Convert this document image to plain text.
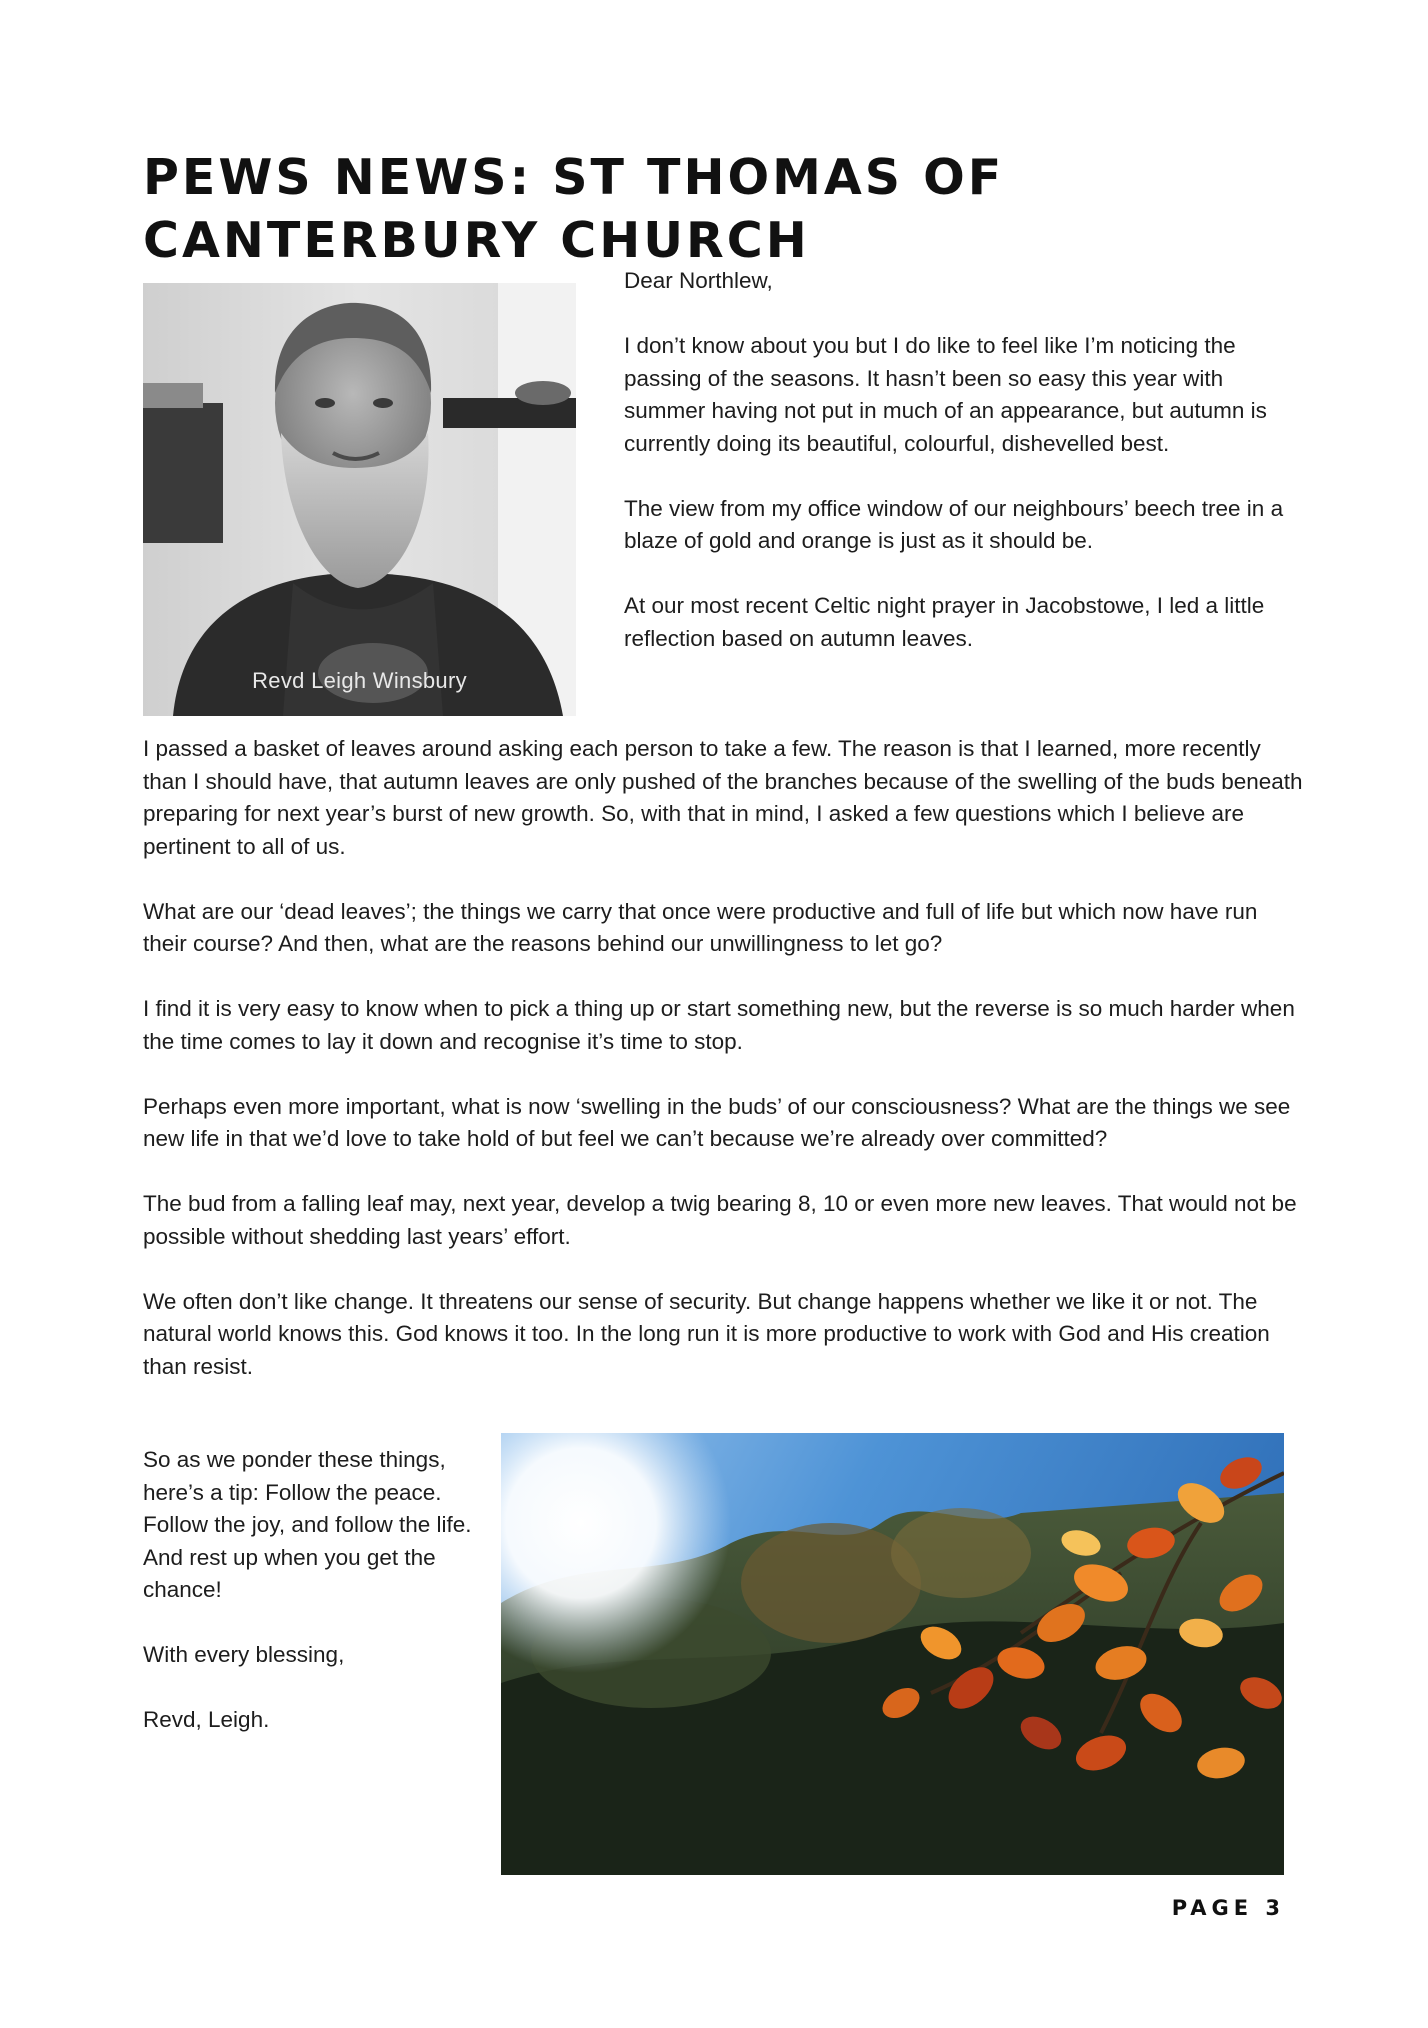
PEWS NEWS: ST THOMAS OF CANTERBURY CHURCH
Revd Leigh Winsbury

Dear Northlew,

I don’t know about you but I do like to feel like I’m noticing the passing of the seasons. It hasn’t been so easy this year with summer having not put in much of an appearance, but autumn is currently doing its beautiful, colourful, dishevelled best.

The view from my office window of our neighbours’ beech tree in a blaze of gold and orange is just as it should be.

At our most recent Celtic night prayer in Jacobstowe, I led a little reflection based on autumn leaves.

I passed a basket of leaves around asking each person to take a few. The reason is that I learned, more recently than I should have, that autumn leaves are only pushed of the branches because of the swelling of the buds beneath preparing for next year’s burst of new growth. So, with that in mind, I asked a few questions which I believe are pertinent to all of us.

What are our ‘dead leaves’; the things we carry that once were productive and full of life but which now have run their course? And then, what are the reasons behind our unwillingness to let go?

I find it is very easy to know when to pick a thing up or start something new, but the reverse is so much harder when the time comes to lay it down and recognise it’s time to stop.

Perhaps even more important, what is now ‘swelling in the buds’ of our consciousness? What are the things we see new life in that we’d love to take hold of but feel we can’t because we’re already over committed?

The bud from a falling leaf may, next year, develop a twig bearing 8, 10 or even more new leaves. That would not be possible without shedding last years’ effort.

We often don’t like change. It threatens our sense of security. But change happens whether we like it or not. The natural world knows this. God knows it too. In the long run it is more productive to work with God and His creation than resist.

So as we ponder these things, here’s a tip: Follow the peace. Follow the joy, and follow the life. And rest up when you get the chance!

With every blessing,

Revd, Leigh.

PAGE 3
